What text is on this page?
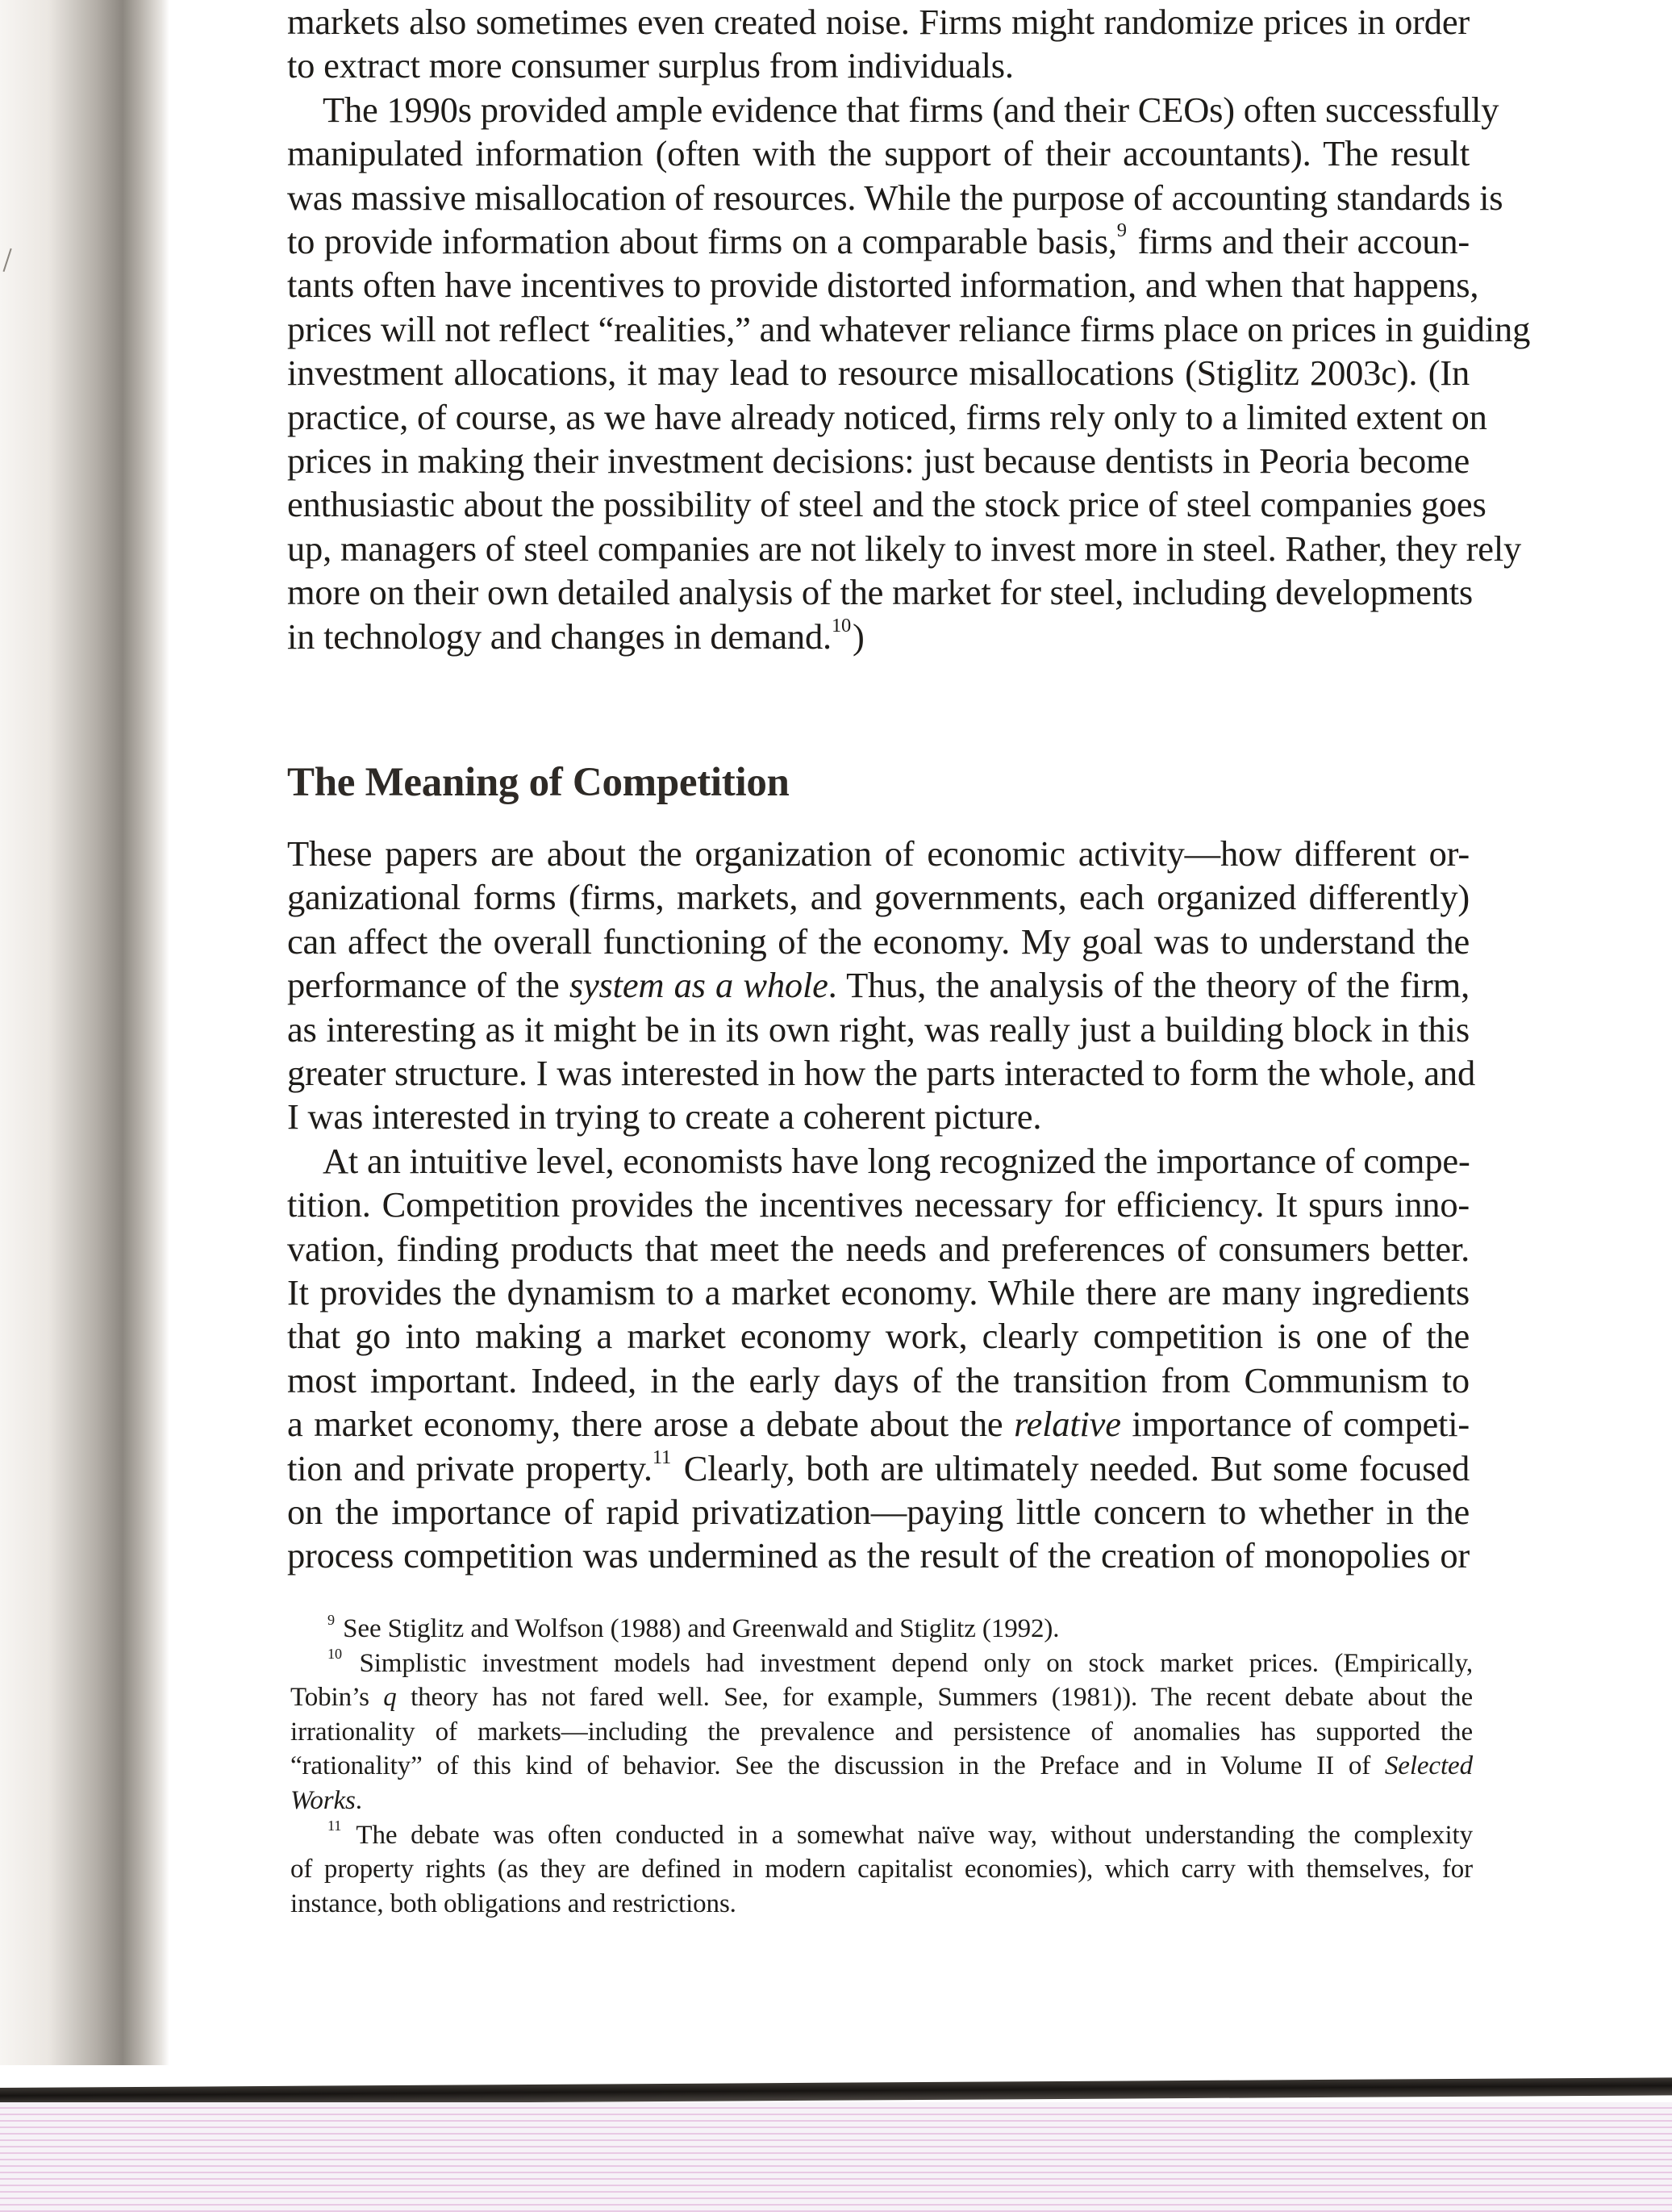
markets also sometimes even created noise. Firms might randomize prices in order
to extract more consumer surplus from individuals.
The 1990s provided ample evidence that firms (and their CEOs) often successfully
manipulated information (often with the support of their accountants). The result
was massive misallocation of resources. While the purpose of accounting standards is
to provide information about firms on a comparable basis,$^9$ firms and their accoun-
tants often have incentives to provide distorted information, and when that happens,
prices will not reflect “realities,” and whatever reliance firms place on prices in guiding
investment allocations, it may lead to resource misallocations (Stiglitz 2003c). (In
practice, of course, as we have already noticed, firms rely only to a limited extent on
prices in making their investment decisions: just because dentists in Peoria become
enthusiastic about the possibility of steel and the stock price of steel companies goes
up, managers of steel companies are not likely to invest more in steel. Rather, they rely
more on their own detailed analysis of the market for steel, including developments
in technology and changes in demand.$^{10}$)
The Meaning of Competition
These papers are about the organization of economic activity—how different or-
ganizational forms (firms, markets, and governments, each organized differently)
can affect the overall functioning of the economy. My goal was to understand the
performance of the system as a whole. Thus, the analysis of the theory of the firm,
as interesting as it might be in its own right, was really just a building block in this
greater structure. I was interested in how the parts interacted to form the whole, and
I was interested in trying to create a coherent picture.
At an intuitive level, economists have long recognized the importance of compe-
tition. Competition provides the incentives necessary for efficiency. It spurs inno-
vation, finding products that meet the needs and preferences of consumers better.
It provides the dynamism to a market economy. While there are many ingredients
that go into making a market economy work, clearly competition is one of the
most important. Indeed, in the early days of the transition from Communism to
a market economy, there arose a debate about the relative importance of competi-
tion and private property.$^{11}$ Clearly, both are ultimately needed. But some focused
on the importance of rapid privatization—paying little concern to whether in the
process competition was undermined as the result of the creation of monopolies or
$^9$ See Stiglitz and Wolfson (1988) and Greenwald and Stiglitz (1992).
$^{10}$ Simplistic investment models had investment depend only on stock market prices. (Empirically,
Tobin’s q theory has not fared well. See, for example, Summers (1981)). The recent debate about the
irrationality of markets—including the prevalence and persistence of anomalies has supported the
“rationality” of this kind of behavior. See the discussion in the Preface and in Volume II of Selected
Works.
$^{11}$ The debate was often conducted in a somewhat naïve way, without understanding the complexity
of property rights (as they are defined in modern capitalist economies), which carry with themselves, for
instance, both obligations and restrictions.
